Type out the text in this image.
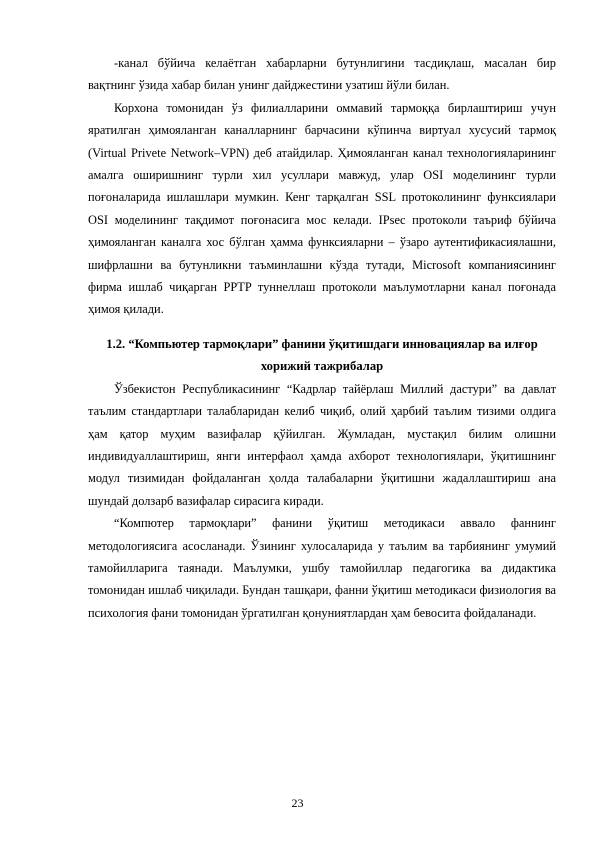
-канал бўйича келаётган хабарларни бутунлигини тасдиқлаш, масалан бир вақтнинг ўзида хабар билан унинг дайджестини узатиш йўли билан.

Корхона томонидан ўз филиалларини оммавий тармоққа бирлаштириш учун яратилган ҳимояланган каналларнинг барчасини кўпинча виртуал хусусий тармоқ (Virtual Privete Network–VPN) деб атайдилар. Ҳимояланган канал технологияларининг амалга оширишнинг турли хил усуллари мавжуд, улар OSI моделининг турли поғоналарида ишлашлари мумкин. Кенг тарқалган SSL протоколининг функсиялари OSI моделининг тақдимот поғонасига мос келади. IPsec протоколи таъриф бўйича ҳимояланган каналга хос бўлган ҳамма функсияларни – ўзаро аутентификасиялашни, шифрлашни ва бутунликни таъминлашни кўзда тутади, Microsoft компаниясининг фирма ишлаб чиқарган PPTP туннеллаш протоколи маълумотларни канал поғонада ҳимоя қилади.

1.2. “Компьютер тармоқлари” фанини ўқитишдаги инновациялар ва илғор хорижий тажрибалар

Ўзбекистон Республикасининг “Кадрлар тайёрлаш Миллий дастури” ва давлат таълим стандартлари талабларидан келиб чиқиб, олий ҳарбий таълим тизими олдига ҳам қатор муҳим вазифалар қўйилган. Жумладан, мустақил билим олишни индивидуаллаштириш, янги интерфаол ҳамда ахборот технологиялари, ўқитишнинг модул тизимидан фойдаланган ҳолда талабаларни ўқитишни жадаллаштириш ана шундай долзарб вазифалар сирасига киради.

“Компютер тармоқлари” фанини ўқитиш методикаси аввало фаннинг методологиясига асосланади. Ўзининг хулосаларида у таълим ва тарбиянинг умумий тамойилларига таянади. Маълумки, ушбу тамойиллар педагогика ва дидактика томонидан ишлаб чиқилади. Бундан ташқари, фанни ўқитиш методикаси физиология ва психология фани томонидан ўргатилган қонуниятлардан ҳам бевосита фойдаланади.

23
